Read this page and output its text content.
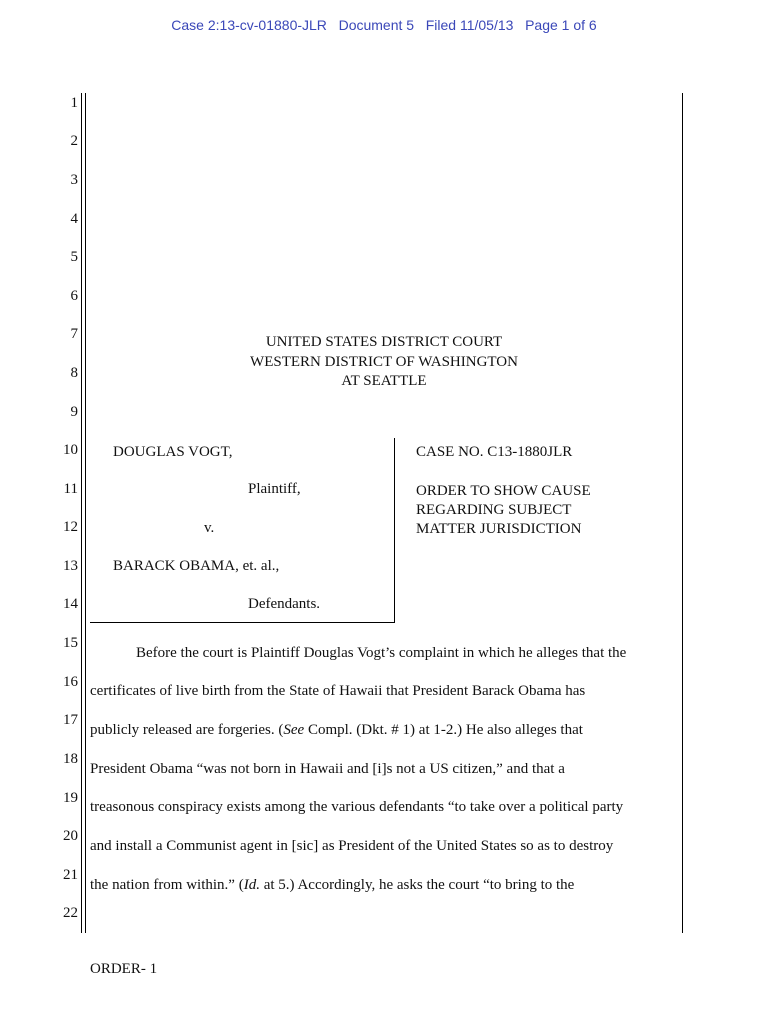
Case 2:13-cv-01880-JLR   Document 5   Filed 11/05/13   Page 1 of 6
1
2
3
4
5
6
7
8
9
10
11
12
13
14
15
16
17
18
19
20
21
22
UNITED STATES DISTRICT COURT
WESTERN DISTRICT OF WASHINGTON
AT SEATTLE
DOUGLAS VOGT,
Plaintiff,
v.
BARACK OBAMA, et. al.,
Defendants.
CASE NO. C13-1880JLR
ORDER TO SHOW CAUSE
REGARDING SUBJECT
MATTER JURISDICTION
Before the court is Plaintiff Douglas Vogt’s complaint in which he alleges that the
certificates of live birth from the State of Hawaii that President Barack Obama has
publicly released are forgeries. (See Compl. (Dkt. # 1) at 1-2.) He also alleges that
President Obama “was not born in Hawaii and [i]s not a US citizen,” and that a
treasonous conspiracy exists among the various defendants “to take over a political party
and install a Communist agent in [sic] as President of the United States so as to destroy
the nation from within.” (Id. at 5.) Accordingly, he asks the court “to bring to the
ORDER- 1
